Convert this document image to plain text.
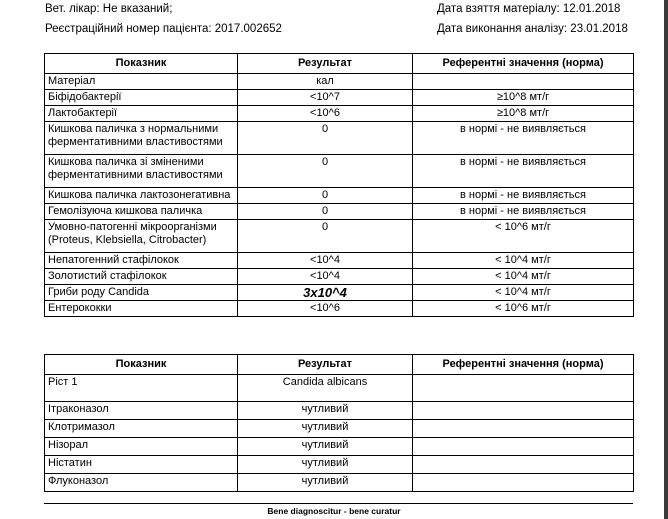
Вет. лікар: Не вказаний;
Реєстраційний номер пацієнта: 2017.002652
Дата взяття матеріалу: 12.01.2018
Дата виконання аналізу: 23.01.2018
Показник	Результат	Референтні значення (норма)
Матеріал	кал	
Біфідобактерії	<10^7	≥10^8 мт/г
Лактобактерії	<10^6	≥10^8 мт/г
Кишкова паличка з нормальними ферментативними властивостями	0	в нормі - не виявляється
Кишкова паличка зі зміненими ферментативними властивостями	0	в нормі - не виявляється
Кишкова паличка лактозонегативна	0	в нормі - не виявляється
Гемолізуюча кишкова паличка	0	в нормі - не виявляється
Умовно-патогенні мікроорганізми (Proteus, Klebsiella, Citrobacter)	0	< 10^6 мт/г
Непатогенний стафілокок	<10^4	< 10^4 мт/г
Золотистий стафілокок	<10^4	< 10^4 мт/г
Гриби роду Candida	3x10^4	< 10^4 мт/г
Ентерококки	<10^6	< 10^6 мт/г
Показник	Результат	Референтні значення (норма)
Ріст 1	Candida albicans	
Ітраконазол	чутливий	
Клотримазол	чутливий	
Нізорал	чутливий	
Ністатин	чутливий	
Флуконазол	чутливий	
Bene diagnoscitur - bene curatur
